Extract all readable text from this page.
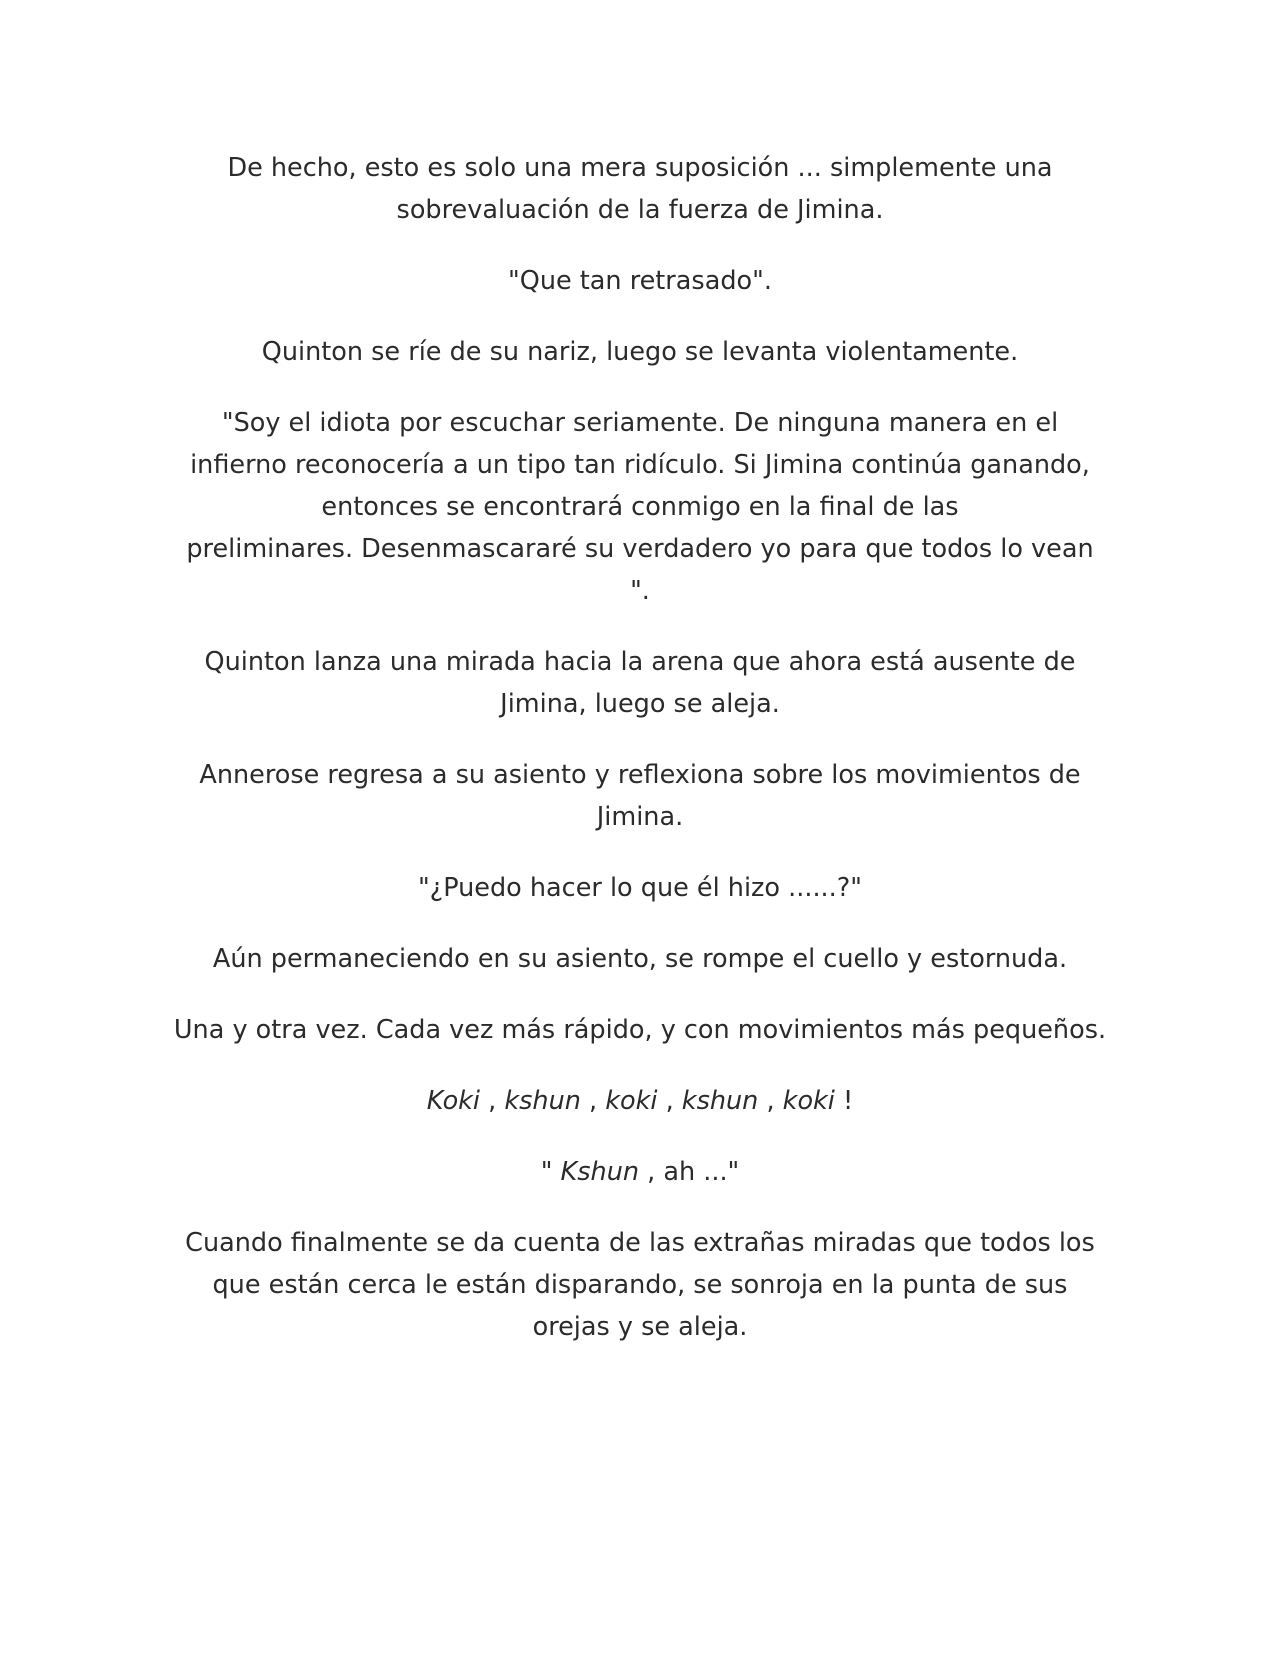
De hecho, esto es solo una mera suposición ... simplemente una
sobrevaluación de la fuerza de Jimina.

"Que tan retrasado".

Quinton se ríe de su nariz, luego se levanta violentamente.

"Soy el idiota por escuchar seriamente. De ninguna manera en el
infierno reconocería a un tipo tan ridículo. Si Jimina continúa ganando,
entonces se encontrará conmigo en la final de las
preliminares. Desenmascararé su verdadero yo para que todos lo vean
".

Quinton lanza una mirada hacia la arena que ahora está ausente de
Jimina, luego se aleja.

Annerose regresa a su asiento y reflexiona sobre los movimientos de
Jimina.

"¿Puedo hacer lo que él hizo ......?"

Aún permaneciendo en su asiento, se rompe el cuello y estornuda.

Una y otra vez. Cada vez más rápido, y con movimientos más pequeños.

Koki , kshun , koki , kshun , koki !

" Kshun , ah ..."

Cuando finalmente se da cuenta de las extrañas miradas que todos los
que están cerca le están disparando, se sonroja en la punta de sus
orejas y se aleja.
